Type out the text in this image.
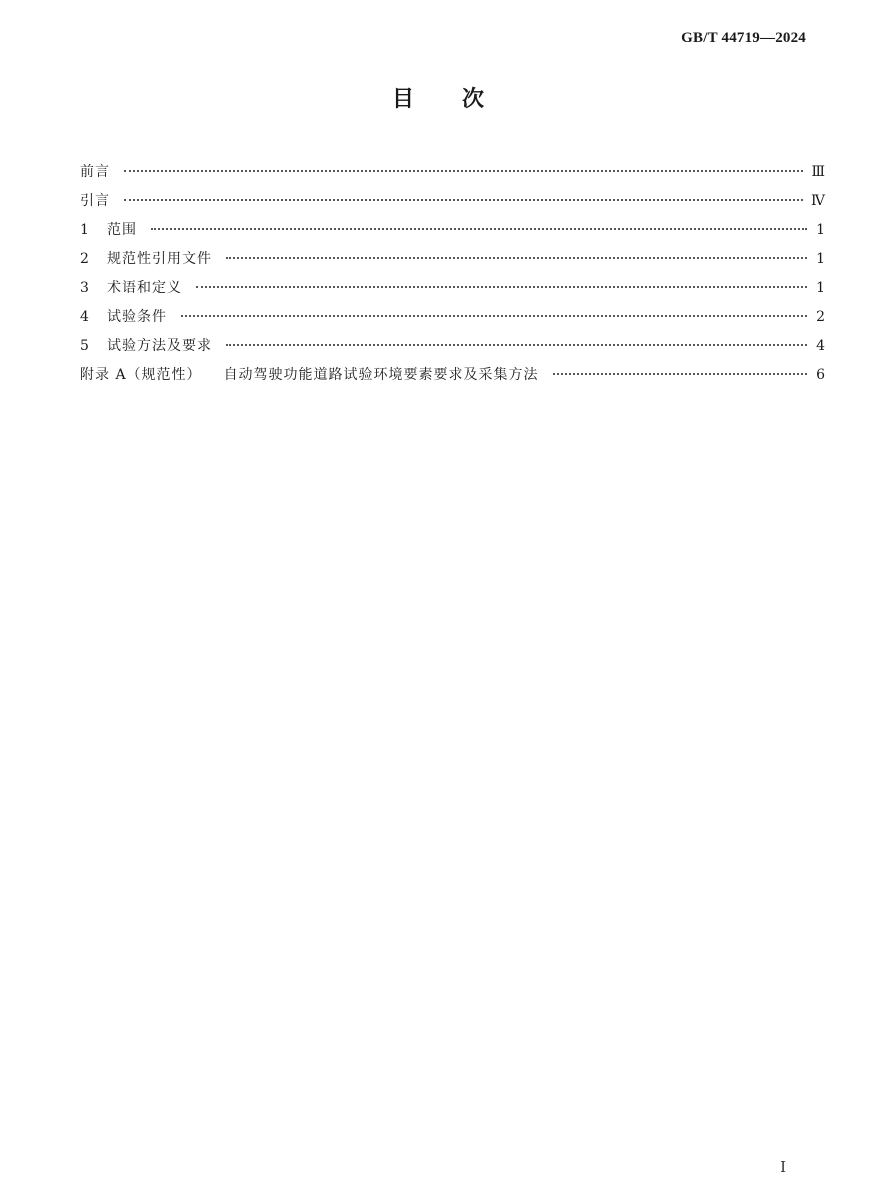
GB/T 44719—2024
目次
前言	Ⅲ
引言	Ⅳ
1	范围	1
2	规范性引用文件	1
3	术语和定义	1
4	试验条件	2
5	试验方法及要求	4
附录 A（规范性） 自动驾驶功能道路试验环境要素要求及采集方法	6
I
